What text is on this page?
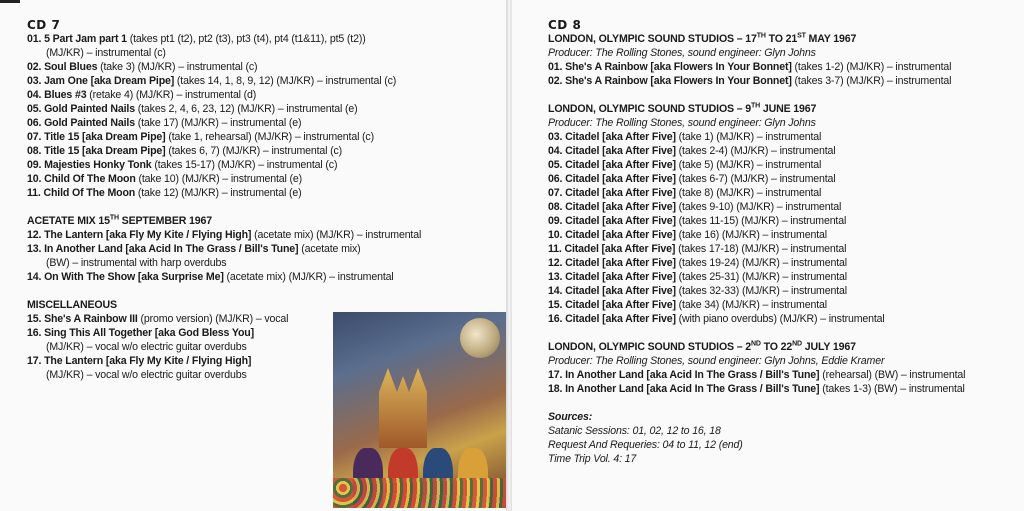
CD 7
01. 5 Part Jam part 1 (takes pt1 (t2), pt2 (t3), pt3 (t4), pt4 (t1&11), pt5 (t2))
(MJ/KR) – instrumental (c)
02. Soul Blues (take 3) (MJ/KR) – instrumental (c)
03. Jam One [aka Dream Pipe] (takes 14, 1, 8, 9, 12) (MJ/KR) – instrumental (c)
04. Blues #3 (retake 4) (MJ/KR) – instrumental (d)
05. Gold Painted Nails (takes 2, 4, 6, 23, 12) (MJ/KR) – instrumental (e)
06. Gold Painted Nails (take 17) (MJ/KR) – instrumental (e)
07. Title 15 [aka Dream Pipe] (take 1, rehearsal) (MJ/KR) – instrumental (c)
08. Title 15 [aka Dream Pipe] (takes 6, 7) (MJ/KR) – instrumental (c)
09. Majesties Honky Tonk (takes 15-17) (MJ/KR) – instrumental (c)
10. Child Of The Moon (take 10) (MJ/KR) – instrumental (e)
11. Child Of The Moon (take 12) (MJ/KR) – instrumental (e)
ACETATE MIX 15TH SEPTEMBER 1967
12. The Lantern [aka Fly My Kite / Flying High] (acetate mix) (MJ/KR) – instrumental
13. In Another Land [aka Acid In The Grass / Bill's Tune] (acetate mix)
(BW) – instrumental with harp overdubs
14. On With The Show [aka Surprise Me] (acetate mix) (MJ/KR) – instrumental
MISCELLANEOUS
15. She's A Rainbow III (promo version) (MJ/KR) – vocal
16. Sing This All Together [aka God Bless You]
(MJ/KR) – vocal w/o electric guitar overdubs
17. The Lantern [aka Fly My Kite / Flying High]
(MJ/KR) – vocal w/o electric guitar overdubs
CD 8
LONDON, OLYMPIC SOUND STUDIOS – 17TH TO 21ST MAY 1967
Producer: The Rolling Stones, sound engineer: Glyn Johns
01. She's A Rainbow [aka Flowers In Your Bonnet] (takes 1-2) (MJ/KR) – instrumental
02. She's A Rainbow [aka Flowers In Your Bonnet] (takes 3-7) (MJ/KR) – instrumental
LONDON, OLYMPIC SOUND STUDIOS – 9TH JUNE 1967
Producer: The Rolling Stones, sound engineer: Glyn Johns
03. Citadel [aka After Five] (take 1) (MJ/KR) – instrumental
04. Citadel [aka After Five] (takes 2-4) (MJ/KR) – instrumental
05. Citadel [aka After Five] (take 5) (MJ/KR) – instrumental
06. Citadel [aka After Five] (takes 6-7) (MJ/KR) – instrumental
07. Citadel [aka After Five] (take 8) (MJ/KR) – instrumental
08. Citadel [aka After Five] (takes 9-10) (MJ/KR) – instrumental
09. Citadel [aka After Five] (takes 11-15) (MJ/KR) – instrumental
10. Citadel [aka After Five] (take 16) (MJ/KR) – instrumental
11. Citadel [aka After Five] (takes 17-18) (MJ/KR) – instrumental
12. Citadel [aka After Five] (takes 19-24) (MJ/KR) – instrumental
13. Citadel [aka After Five] (takes 25-31) (MJ/KR) – instrumental
14. Citadel [aka After Five] (takes 32-33) (MJ/KR) – instrumental
15. Citadel [aka After Five] (take 34) (MJ/KR) – instrumental
16. Citadel [aka After Five] (with piano overdubs) (MJ/KR) – instrumental
LONDON, OLYMPIC SOUND STUDIOS – 2ND TO 22ND JULY 1967
Producer: The Rolling Stones, sound engineer: Glyn Johns, Eddie Kramer
17. In Another Land [aka Acid In The Grass / Bill's Tune] (rehearsal) (BW) – instrumental
18. In Another Land [aka Acid In The Grass / Bill's Tune] (takes 1-3) (BW) – instrumental
Sources:
Satanic Sessions: 01, 02, 12 to 16, 18
Request And Requeries: 04 to 11, 12 (end)
Time Trip Vol. 4: 17
